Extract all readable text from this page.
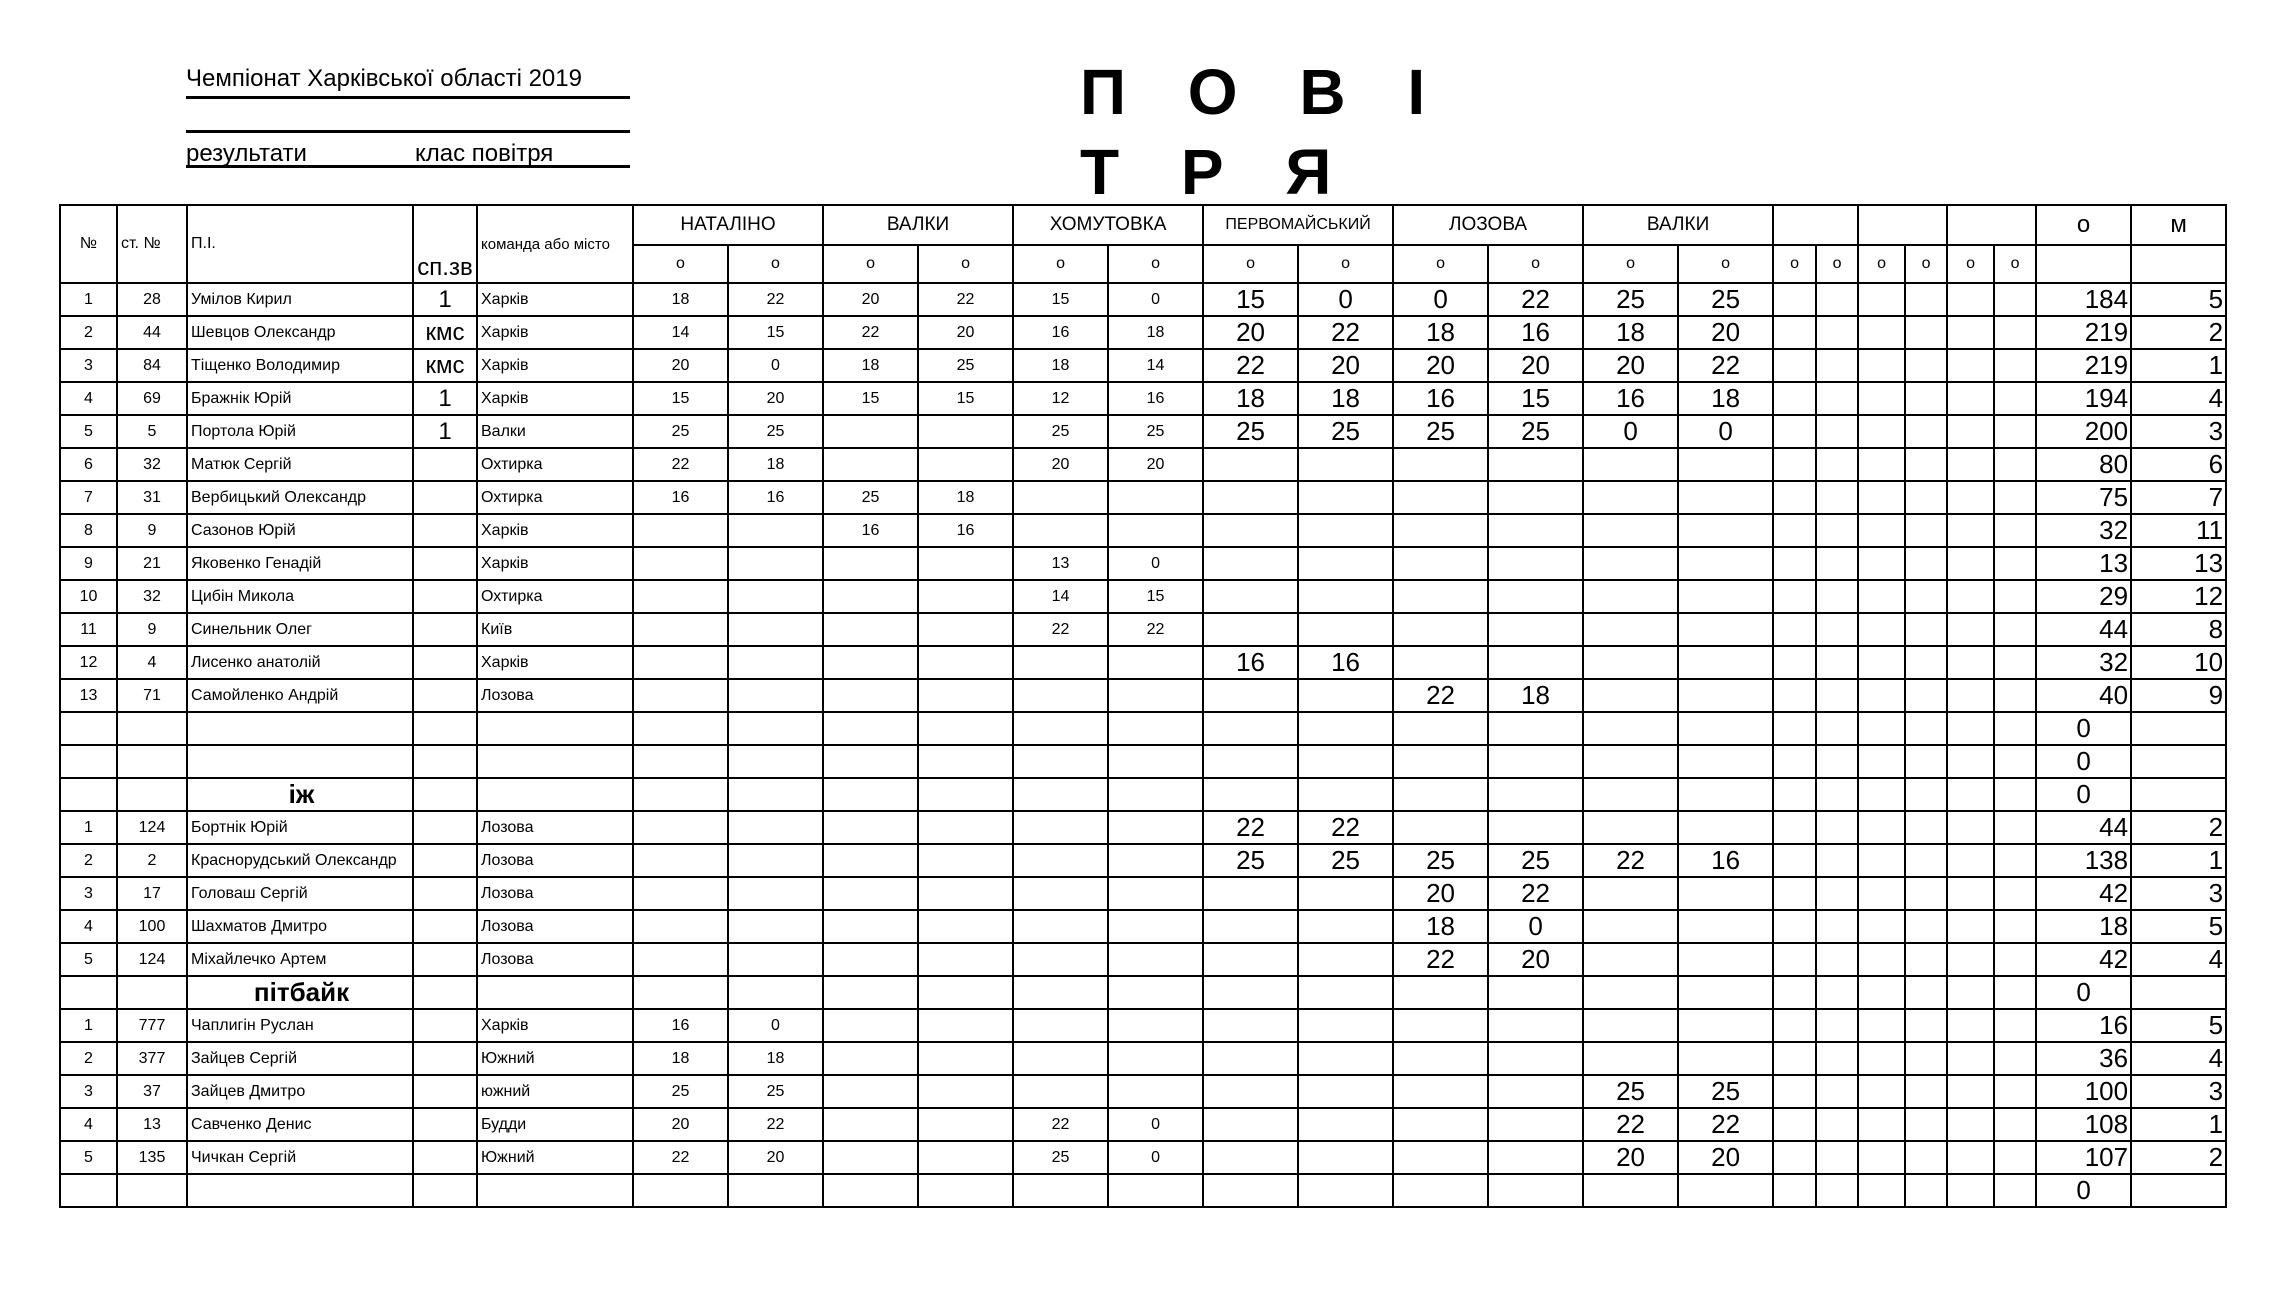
Чемпіонат Харківської області 2019
результати	клас повітря
П О В І Т Р Я
№	ст. №	П.І.	сп.зв	команда або місто	НАТАЛІНО		ВАЛКИ		ХОМУТОВКА		ПЕРВОМАЙСЬКИЙ		ЛОЗОВА		ВАЛКИ								о	м
					о	о	о	о	о	о	о	о	о	о	о	о	о	о	о	о	о	о		
1	28	Умілов Кирил	1	Харків	18	22	20	22	15	0	15	0	0	22	25	25							184	5
2	44	Шевцов Олександр	кмс	Харків	14	15	22	20	16	18	20	22	18	16	18	20							219	2
3	84	Тіщенко Володимир	кмс	Харків	20	0	18	25	18	14	22	20	20	20	20	22							219	1
4	69	Бражнік Юрій	1	Харків	15	20	15	15	12	16	18	18	16	15	16	18							194	4
5	5	Портола Юрій	1	Валки	25	25			25	25	25	25	25	25	0	0							200	3
6	32	Матюк Сергій		Охтирка	22	18			20	20													80	6
7	31	Вербицький Олександр		Охтирка	16	16	25	18															75	7
8	9	Сазонов Юрій		Харків			16	16															32	11
9	21	Яковенко Генадій		Харків					13	0													13	13
10	32	Цибін Микола		Охтирка					14	15													29	12
11	9	Синельник Олег		Київ					22	22													44	8
12	4	Лисенко анатолій		Харків							16	16											32	10
13	71	Самойленко Андрій		Лозова									22	18									40	9
																							0	
																							0	
		іж																					0	
1	124	Бортнік Юрій		Лозова							22	22											44	2
2	2	Краснорудський Олександр		Лозова							25	25	25	25	22	16							138	1
3	17	Головаш Сергій		Лозова									20	22									42	3
4	100	Шахматов Дмитро		Лозова									18	0									18	5
5	124	Міхайлечко Артем		Лозова									22	20									42	4
		пітбайк																					0	
1	777	Чаплигін Руслан		Харків	16	0																	16	5
2	377	Зайцев Сергій		Южний	18	18																	36	4
3	37	Зайцев Дмитро		южний	25	25									25	25							100	3
4	13	Савченко Денис		Будди	20	22			22	0					22	22							108	1
5	135	Чичкан Сергій		Южний	22	20			25	0					20	20							107	2
																							0	
